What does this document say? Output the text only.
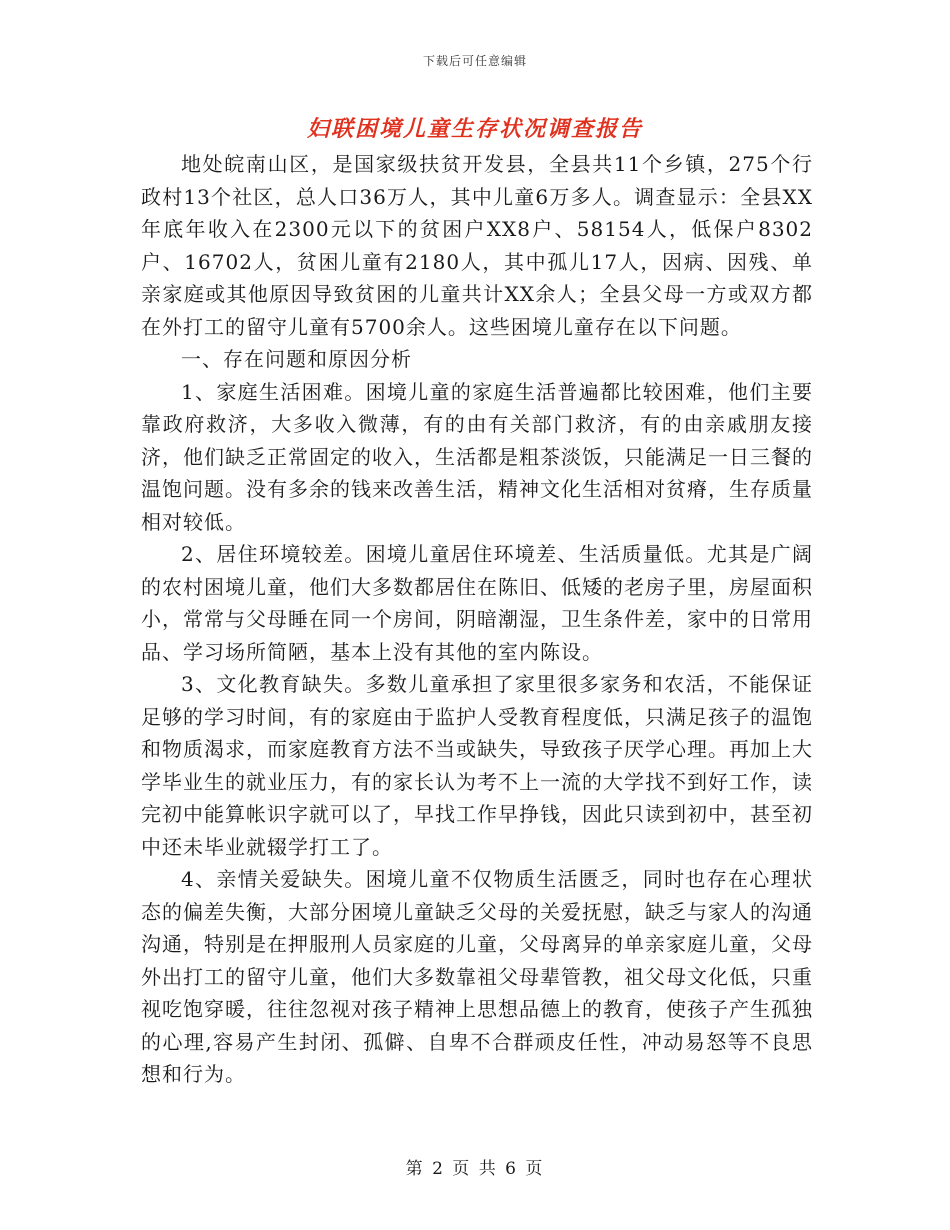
下载后可任意编辑
妇联困境儿童生存状况调查报告

地处皖南山区，是国家级扶贫开发县，全县共11个乡镇，275个行政村13个社区，总人口36万人，其中儿童6万多人。调查显示：全县XX年底年收入在2300元以下的贫困户XX8户、58154人，低保户8302户、16702人，贫困儿童有2180人，其中孤儿17人，因病、因残、单亲家庭或其他原因导致贫困的儿童共计XX余人；全县父母一方或双方都在外打工的留守儿童有5700余人。这些困境儿童存在以下问题。

一、存在问题和原因分析

1、家庭生活困难。困境儿童的家庭生活普遍都比较困难，他们主要靠政府救济，大多收入微薄，有的由有关部门救济，有的由亲戚朋友接济，他们缺乏正常固定的收入，生活都是粗茶淡饭，只能满足一日三餐的温饱问题。没有多余的钱来改善生活，精神文化生活相对贫瘠，生存质量相对较低。

2、居住环境较差。困境儿童居住环境差、生活质量低。尤其是广阔的农村困境儿童，他们大多数都居住在陈旧、低矮的老房子里，房屋面积小，常常与父母睡在同一个房间，阴暗潮湿，卫生条件差，家中的日常用品、学习场所简陋，基本上没有其他的室内陈设。

3、文化教育缺失。多数儿童承担了家里很多家务和农活，不能保证足够的学习时间，有的家庭由于监护人受教育程度低，只满足孩子的温饱和物质渴求，而家庭教育方法不当或缺失，导致孩子厌学心理。再加上大学毕业生的就业压力，有的家长认为考不上一流的大学找不到好工作，读完初中能算帐识字就可以了，早找工作早挣钱，因此只读到初中，甚至初中还未毕业就辍学打工了。

4、亲情关爱缺失。困境儿童不仅物质生活匮乏，同时也存在心理状态的偏差失衡，大部分困境儿童缺乏父母的关爱抚慰，缺乏与家人的沟通沟通，特别是在押服刑人员家庭的儿童，父母离异的单亲家庭儿童，父母外出打工的留守儿童，他们大多数靠祖父母辈管教，祖父母文化低，只重视吃饱穿暖，往往忽视对孩子精神上思想品德上的教育，使孩子产生孤独的心理,容易产生封闭、孤僻、自卑不合群顽皮任性，冲动易怒等不良思想和行为。

第 2 页 共 6 页
